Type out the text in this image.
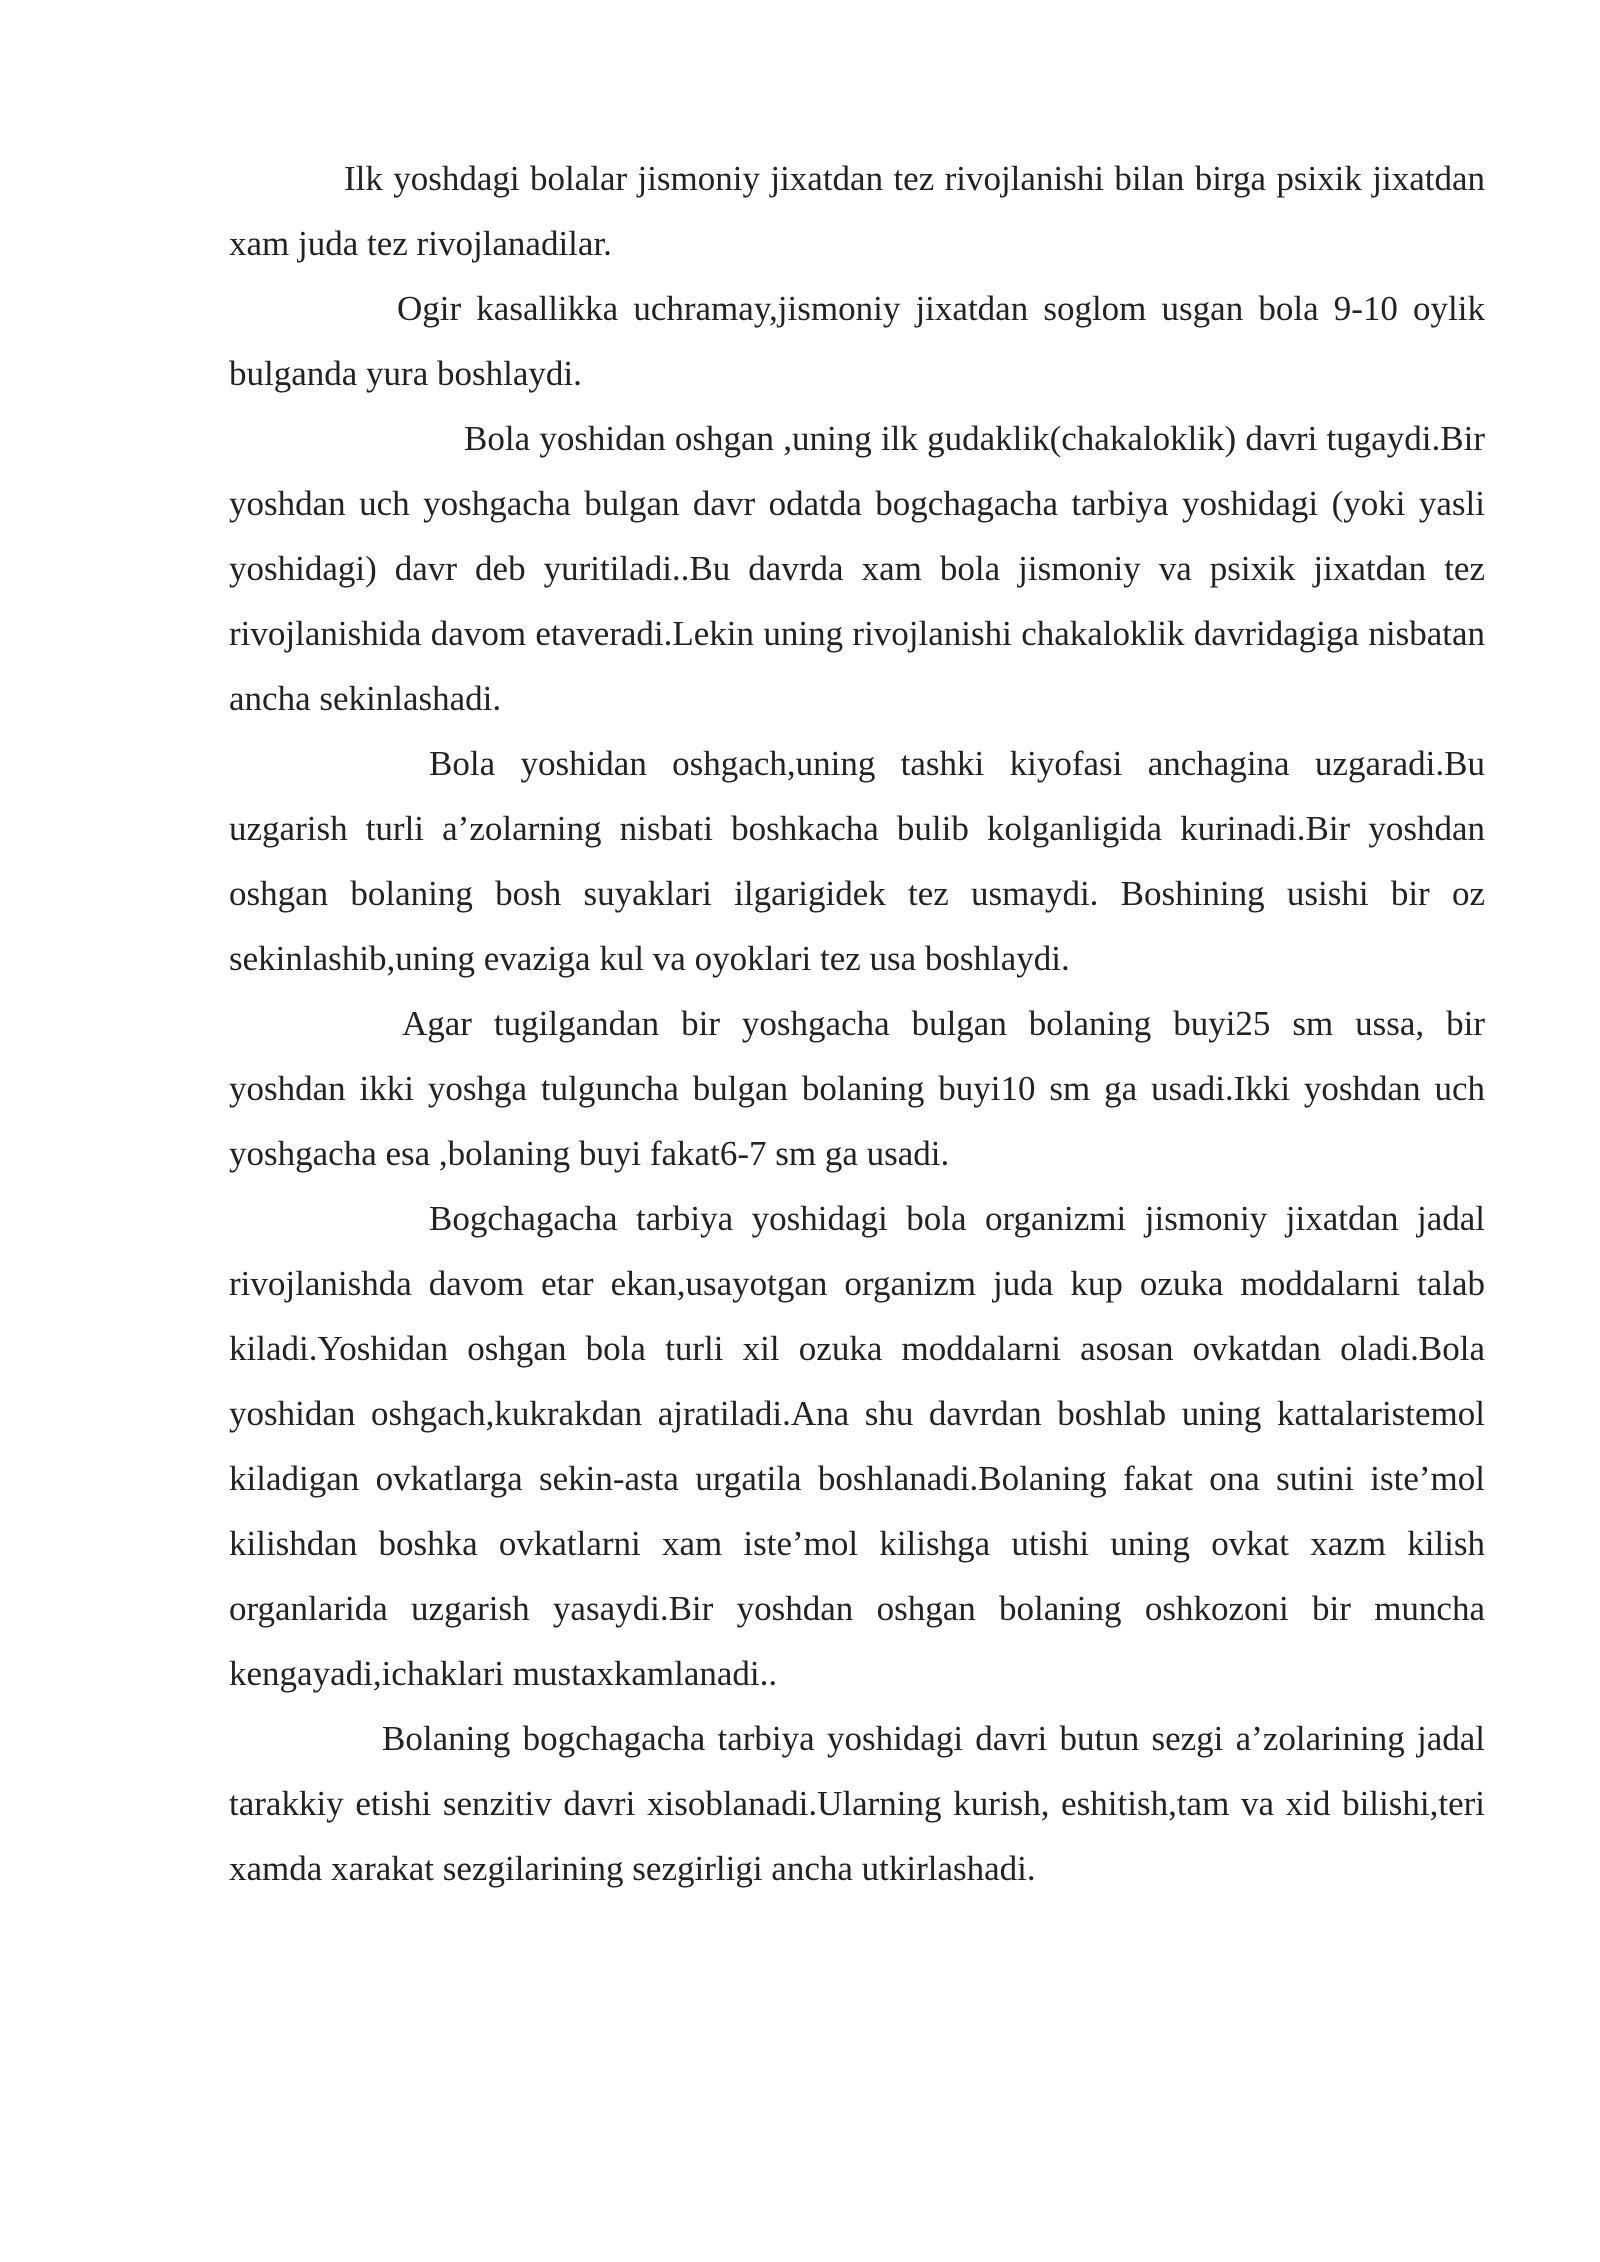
Ilk yoshdagi bolalar jismoniy jixatdan tez rivojlanishi bilan birga psixik jixatdan xam juda tez rivojlanadilar.

Ogir kasallikka uchramay,jismoniy jixatdan soglom usgan bola 9-10 oylik bulganda yura boshlaydi.

Bola yoshidan oshgan ,uning ilk gudaklik(chakaloklik) davri tugaydi.Bir yoshdan uch yoshgacha bulgan davr odatda bogchagacha tarbiya yoshidagi (yoki yasli yoshidagi) davr deb yuritiladi..Bu davrda xam bola jismoniy va psixik jixatdan tez rivojlanishida davom etaveradi.Lekin uning rivojlanishi chakaloklik davridagiga nisbatan ancha sekinlashadi.

Bola yoshidan oshgach,uning tashki kiyofasi anchagina uzgaradi.Bu uzgarish turli a’zolarning nisbati boshkacha bulib kolganligida kurinadi.Bir yoshdan oshgan bolaning bosh suyaklari ilgarigidek tez usmaydi. Boshining usishi bir oz sekinlashib,uning evaziga kul va oyoklari tez usa boshlaydi.

Agar tugilgandan bir yoshgacha bulgan bolaning buyi25 sm ussa, bir yoshdan ikki yoshga tulguncha bulgan bolaning buyi10 sm ga usadi.Ikki yoshdan uch yoshgacha esa ,bolaning buyi fakat6-7 sm ga usadi.

Bogchagacha tarbiya yoshidagi bola organizmi jismoniy jixatdan jadal rivojlanishda davom etar ekan,usayotgan organizm juda kup ozuka moddalarni talab kiladi.Yoshidan oshgan bola turli xil ozuka moddalarni asosan ovkatdan oladi.Bola yoshidan oshgach,kukrakdan ajratiladi.Ana shu davrdan boshlab uning kattalaristemol kiladigan ovkatlarga sekin-asta urgatila boshlanadi.Bolaning fakat ona sutini iste’mol kilishdan boshka ovkatlarni xam iste’mol kilishga utishi uning ovkat xazm kilish organlarida uzgarish yasaydi.Bir yoshdan oshgan bolaning oshkozoni bir muncha kengayadi,ichaklari mustaxkamlanadi..

Bolaning bogchagacha tarbiya yoshidagi davri butun sezgi a’zolarining jadal tarakkiy etishi senzitiv davri xisoblanadi.Ularning kurish, eshitish,tam va xid bilishi,teri xamda xarakat sezgilarining sezgirligi ancha utkirlashadi.
